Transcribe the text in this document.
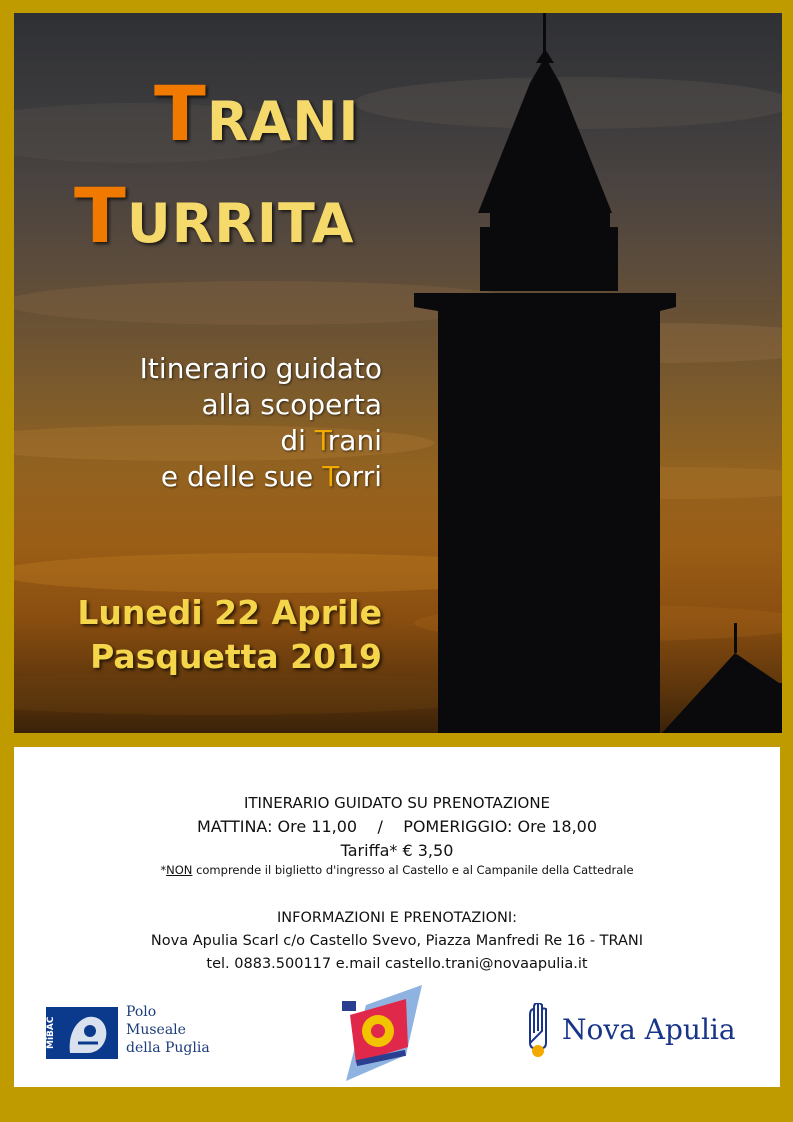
TRANI
TURRITA
Itinerario guidato
alla scoperta
di Trani
e delle sue Torri
Lunedi 22 Aprile
Pasquetta 2019
ITINERARIO GUIDATO SU PRENOTAZIONE
MATTINA: Ore 11,00    /    POMERIGGIO: Ore 18,00
Tariffa* € 3,50
*NON comprende il biglietto d'ingresso al Castello e al Campanile della Cattedrale
INFORMAZIONI E PRENOTAZIONI:
Nova Apulia Scarl c/o Castello Svevo, Piazza Manfredi Re 16 - TRANI
tel. 0883.500117 e.mail castello.trani@novaapulia.it
MiBAC
Polo
Museale
della Puglia
Nova Apulia
